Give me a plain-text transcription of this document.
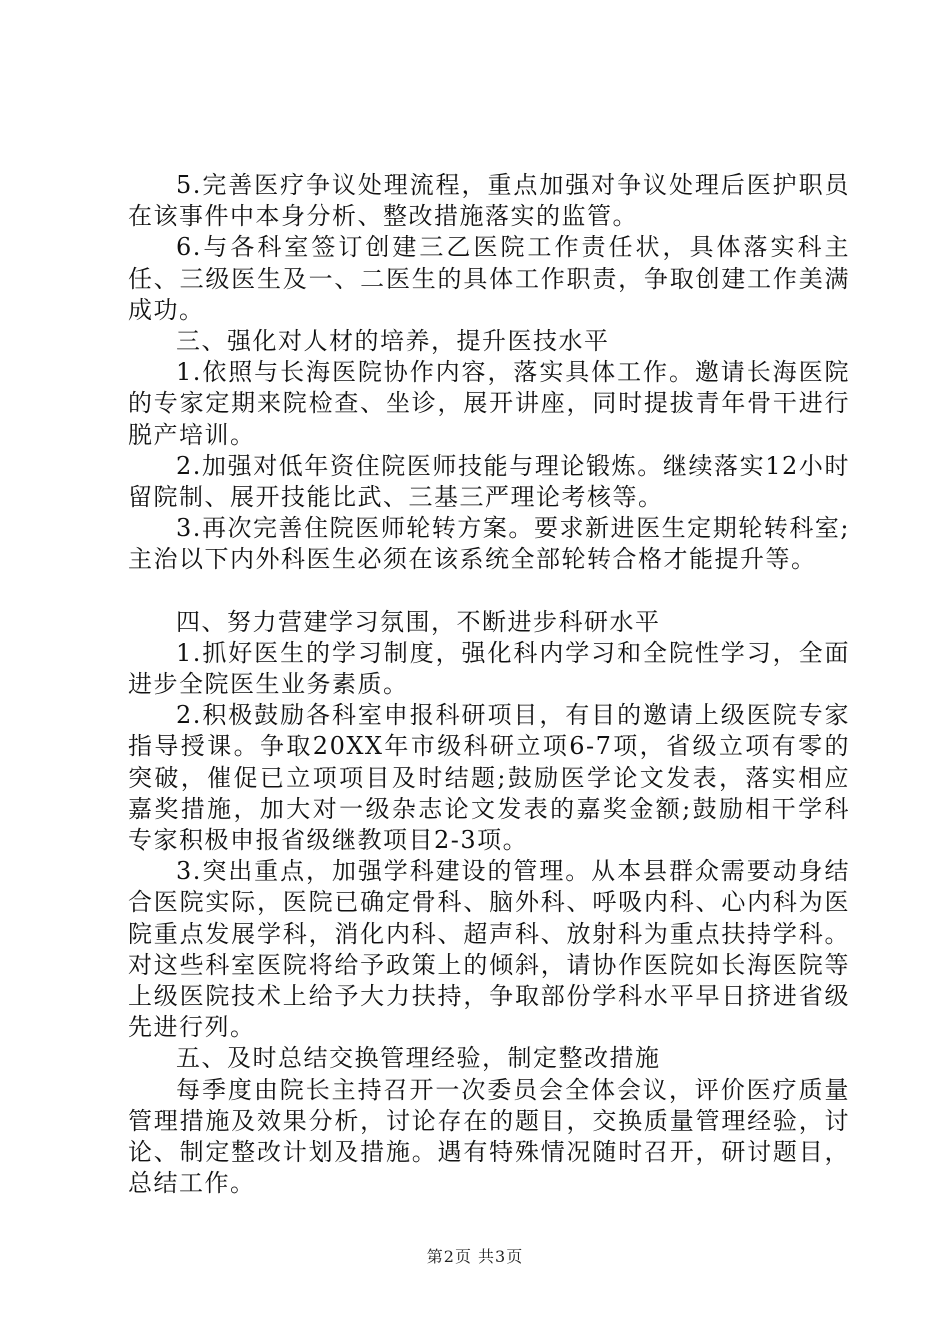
5.完善医疗争议处理流程，重点加强对争议处理后医护职员在该事件中本身分析、整改措施落实的监管。

6.与各科室签订创建三乙医院工作责任状，具体落实科主任、三级医生及一、二医生的具体工作职责，争取创建工作美满成功。

三、强化对人材的培养，提升医技水平

1.依照与长海医院协作内容，落实具体工作。邀请长海医院的专家定期来院检查、坐诊，展开讲座，同时提拔青年骨干进行脱产培训。

2.加强对低年资住院医师技能与理论锻炼。继续落实12小时留院制、展开技能比武、三基三严理论考核等。

3.再次完善住院医师轮转方案。要求新进医生定期轮转科室;主治以下内外科医生必须在该系统全部轮转合格才能提升等。

四、努力营建学习氛围，不断进步科研水平

1.抓好医生的学习制度，强化科内学习和全院性学习，全面进步全院医生业务素质。

2.积极鼓励各科室申报科研项目，有目的邀请上级医院专家指导授课。争取20XX年市级科研立项6-7项，省级立项有零的突破，催促已立项项目及时结题;鼓励医学论文发表，落实相应嘉奖措施，加大对一级杂志论文发表的嘉奖金额;鼓励相干学科专家积极申报省级继教项目2-3项。

3.突出重点，加强学科建设的管理。从本县群众需要动身结合医院实际，医院已确定骨科、脑外科、呼吸内科、心内科为医院重点发展学科，消化内科、超声科、放射科为重点扶持学科。对这些科室医院将给予政策上的倾斜，请协作医院如长海医院等上级医院技术上给予大力扶持，争取部份学科水平早日挤进省级先进行列。

五、及时总结交换管理经验，制定整改措施

每季度由院长主持召开一次委员会全体会议，评价医疗质量管理措施及效果分析，讨论存在的题目，交换质量管理经验，讨论、制定整改计划及措施。遇有特殊情况随时召开，研讨题目，总结工作。

第2页 共3页
